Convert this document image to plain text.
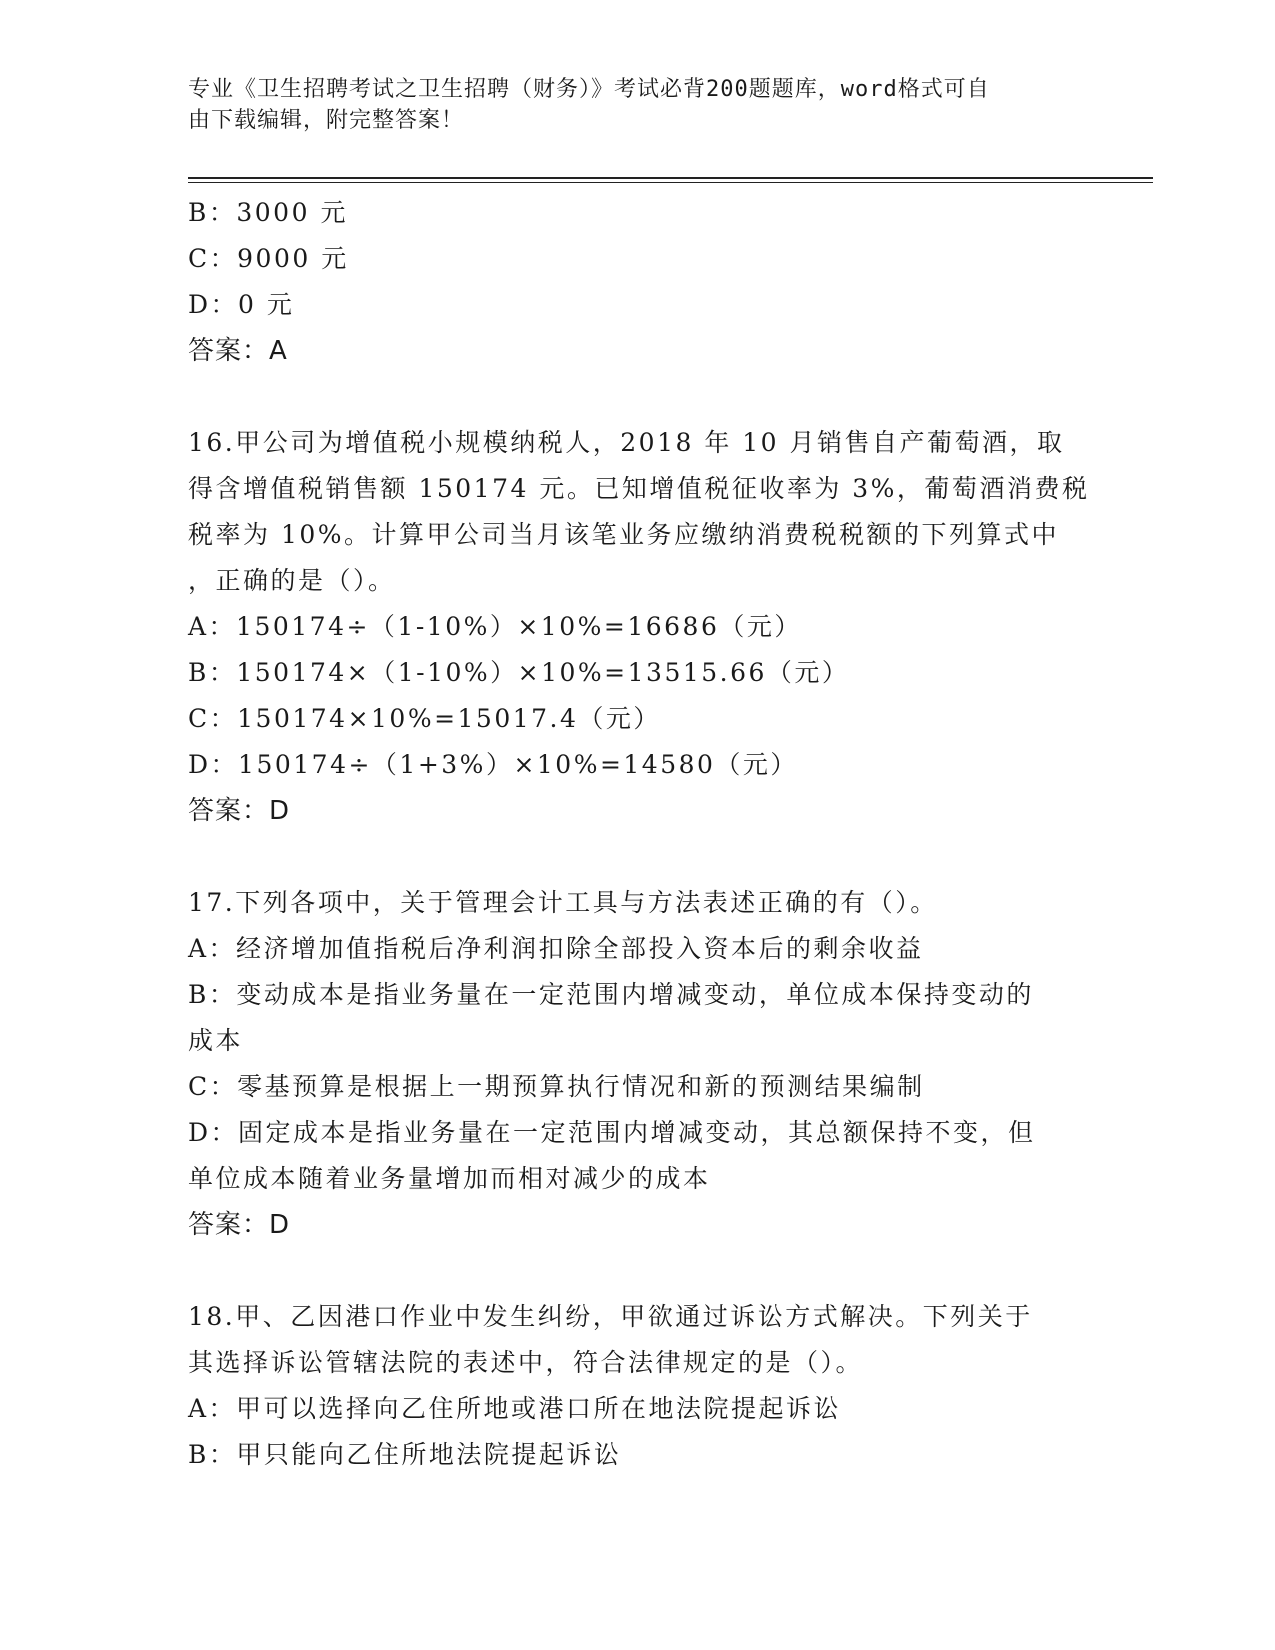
专业《卫生招聘考试之卫生招聘（财务）》考试必背200题题库，word格式可自
由下载编辑，附完整答案！
B：3000 元
C：9000 元
D：0 元
答案：A
16.甲公司为增值税小规模纳税人，2018 年 10 月销售自产葡萄酒，取
得含增值税销售额 150174 元。已知增值税征收率为 3%，葡萄酒消费税
税率为 10%。计算甲公司当月该笔业务应缴纳消费税税额的下列算式中
，正确的是（）。
A：150174÷（1-10%）×10%=16686（元）
B：150174×（1-10%）×10%=13515.66（元）
C：150174×10%=15017.4（元）
D：150174÷（1+3%）×10%=14580（元）
答案：D
17.下列各项中，关于管理会计工具与方法表述正确的有（）。
A：经济增加值指税后净利润扣除全部投入资本后的剩余收益
B：变动成本是指业务量在一定范围内增减变动，单位成本保持变动的
成本
C：零基预算是根据上一期预算执行情况和新的预测结果编制
D：固定成本是指业务量在一定范围内增减变动，其总额保持不变，但
单位成本随着业务量增加而相对减少的成本
答案：D
18.甲、乙因港口作业中发生纠纷，甲欲通过诉讼方式解决。下列关于
其选择诉讼管辖法院的表述中，符合法律规定的是（）。
A：甲可以选择向乙住所地或港口所在地法院提起诉讼
B：甲只能向乙住所地法院提起诉讼
